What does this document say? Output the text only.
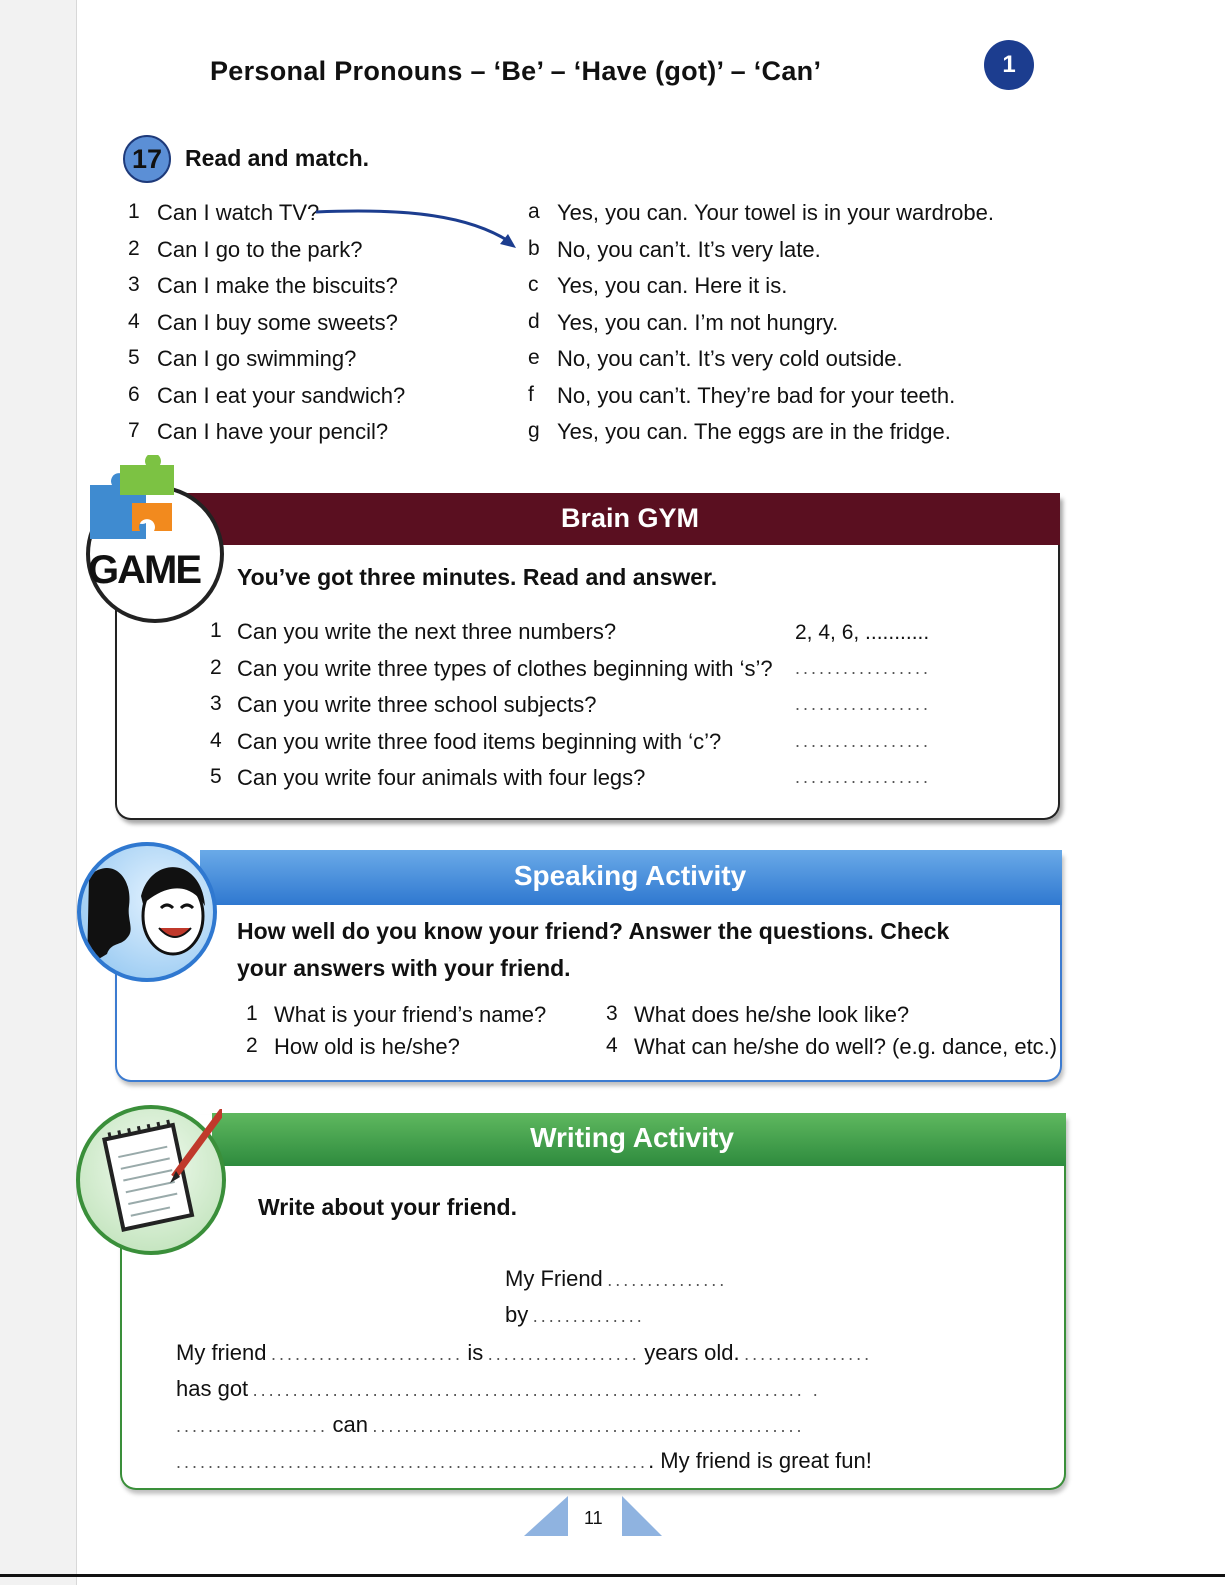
Personal Pronouns – ‘Be’ – ‘Have (got)’ – ‘Can’	1
17 Read and match.
1 Can I watch TV?
2 Can I go to the park?
3 Can I make the biscuits?
4 Can I buy some sweets?
5 Can I go swimming?
6 Can I eat your sandwich?
7 Can I have your pencil?
a Yes, you can. Your towel is in your wardrobe.
b No, you can’t. It’s very late.
c Yes, you can. Here it is.
d Yes, you can. I’m not hungry.
e No, you can’t. It’s very cold outside.
f	No, you can’t. They’re bad for your teeth.
g Yes, you can. The eggs are in the fridge.
Brain GYM
GAME You’ve got three minutes. Read and answer.
1 Can you write the next three numbers?
2 Can you write three types of clothes beginning with ‘s’?
3 Can you write three school subjects?
4 Can you write three food items beginning with ‘c’?
5 Can you write four animals with four legs?
2, 4, 6, ...........
.................
.................
.................
.................
Speaking Activity
How well do you know your friend? Answer the questions. Check
your answers with your friend.
1 What is your friend’s name?
2 How old is he/she?
3 What does he/she look like?
4 What can he/she do well? (e.g. dance, etc.)
Writing Activity
Write about your friend.
My Friend ...............
by ..............
My friend ........................ is ................... years old. ................
has got ..................................................................... .
................... can ......................................................
............................................................ My friend is great fun!
11
